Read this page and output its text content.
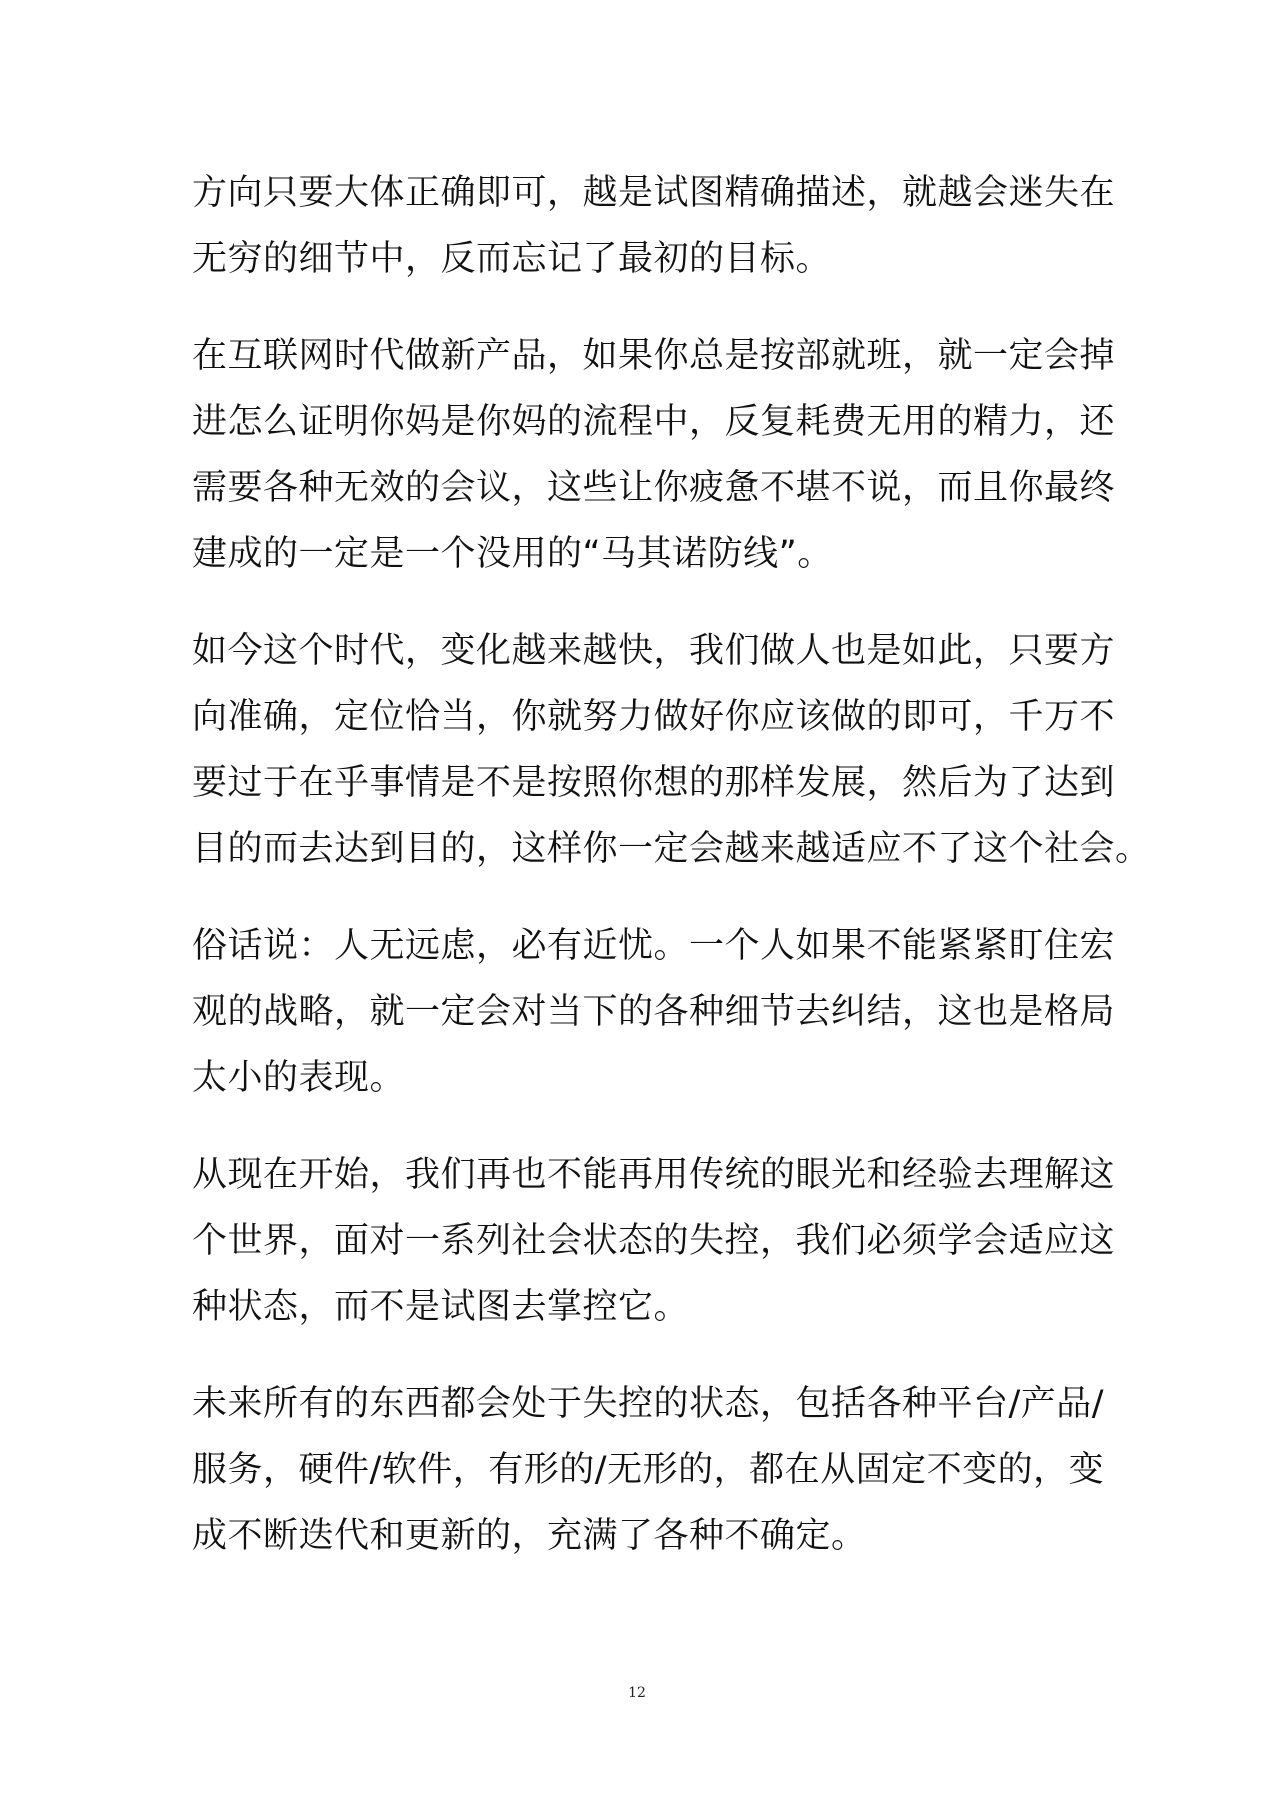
方向只要大体正确即可，越是试图精确描述，就越会迷失在
无穷的细节中，反而忘记了最初的目标。

在互联网时代做新产品，如果你总是按部就班，就一定会掉
进怎么证明你妈是你妈的流程中，反复耗费无用的精力，还
需要各种无效的会议，这些让你疲惫不堪不说，而且你最终
建成的一定是一个没用的“马其诺防线”。

如今这个时代，变化越来越快，我们做人也是如此，只要方
向准确，定位恰当，你就努力做好你应该做的即可，千万不
要过于在乎事情是不是按照你想的那样发展，然后为了达到
目的而去达到目的，这样你一定会越来越适应不了这个社会。

俗话说：人无远虑，必有近忧。一个人如果不能紧紧盯住宏
观的战略，就一定会对当下的各种细节去纠结，这也是格局
太小的表现。

从现在开始，我们再也不能再用传统的眼光和经验去理解这
个世界，面对一系列社会状态的失控，我们必须学会适应这
种状态，而不是试图去掌控它。

未来所有的东西都会处于失控的状态，包括各种平台/产品/
服务，硬件/软件，有形的/无形的，都在从固定不变的，变
成不断迭代和更新的，充满了各种不确定。

12
